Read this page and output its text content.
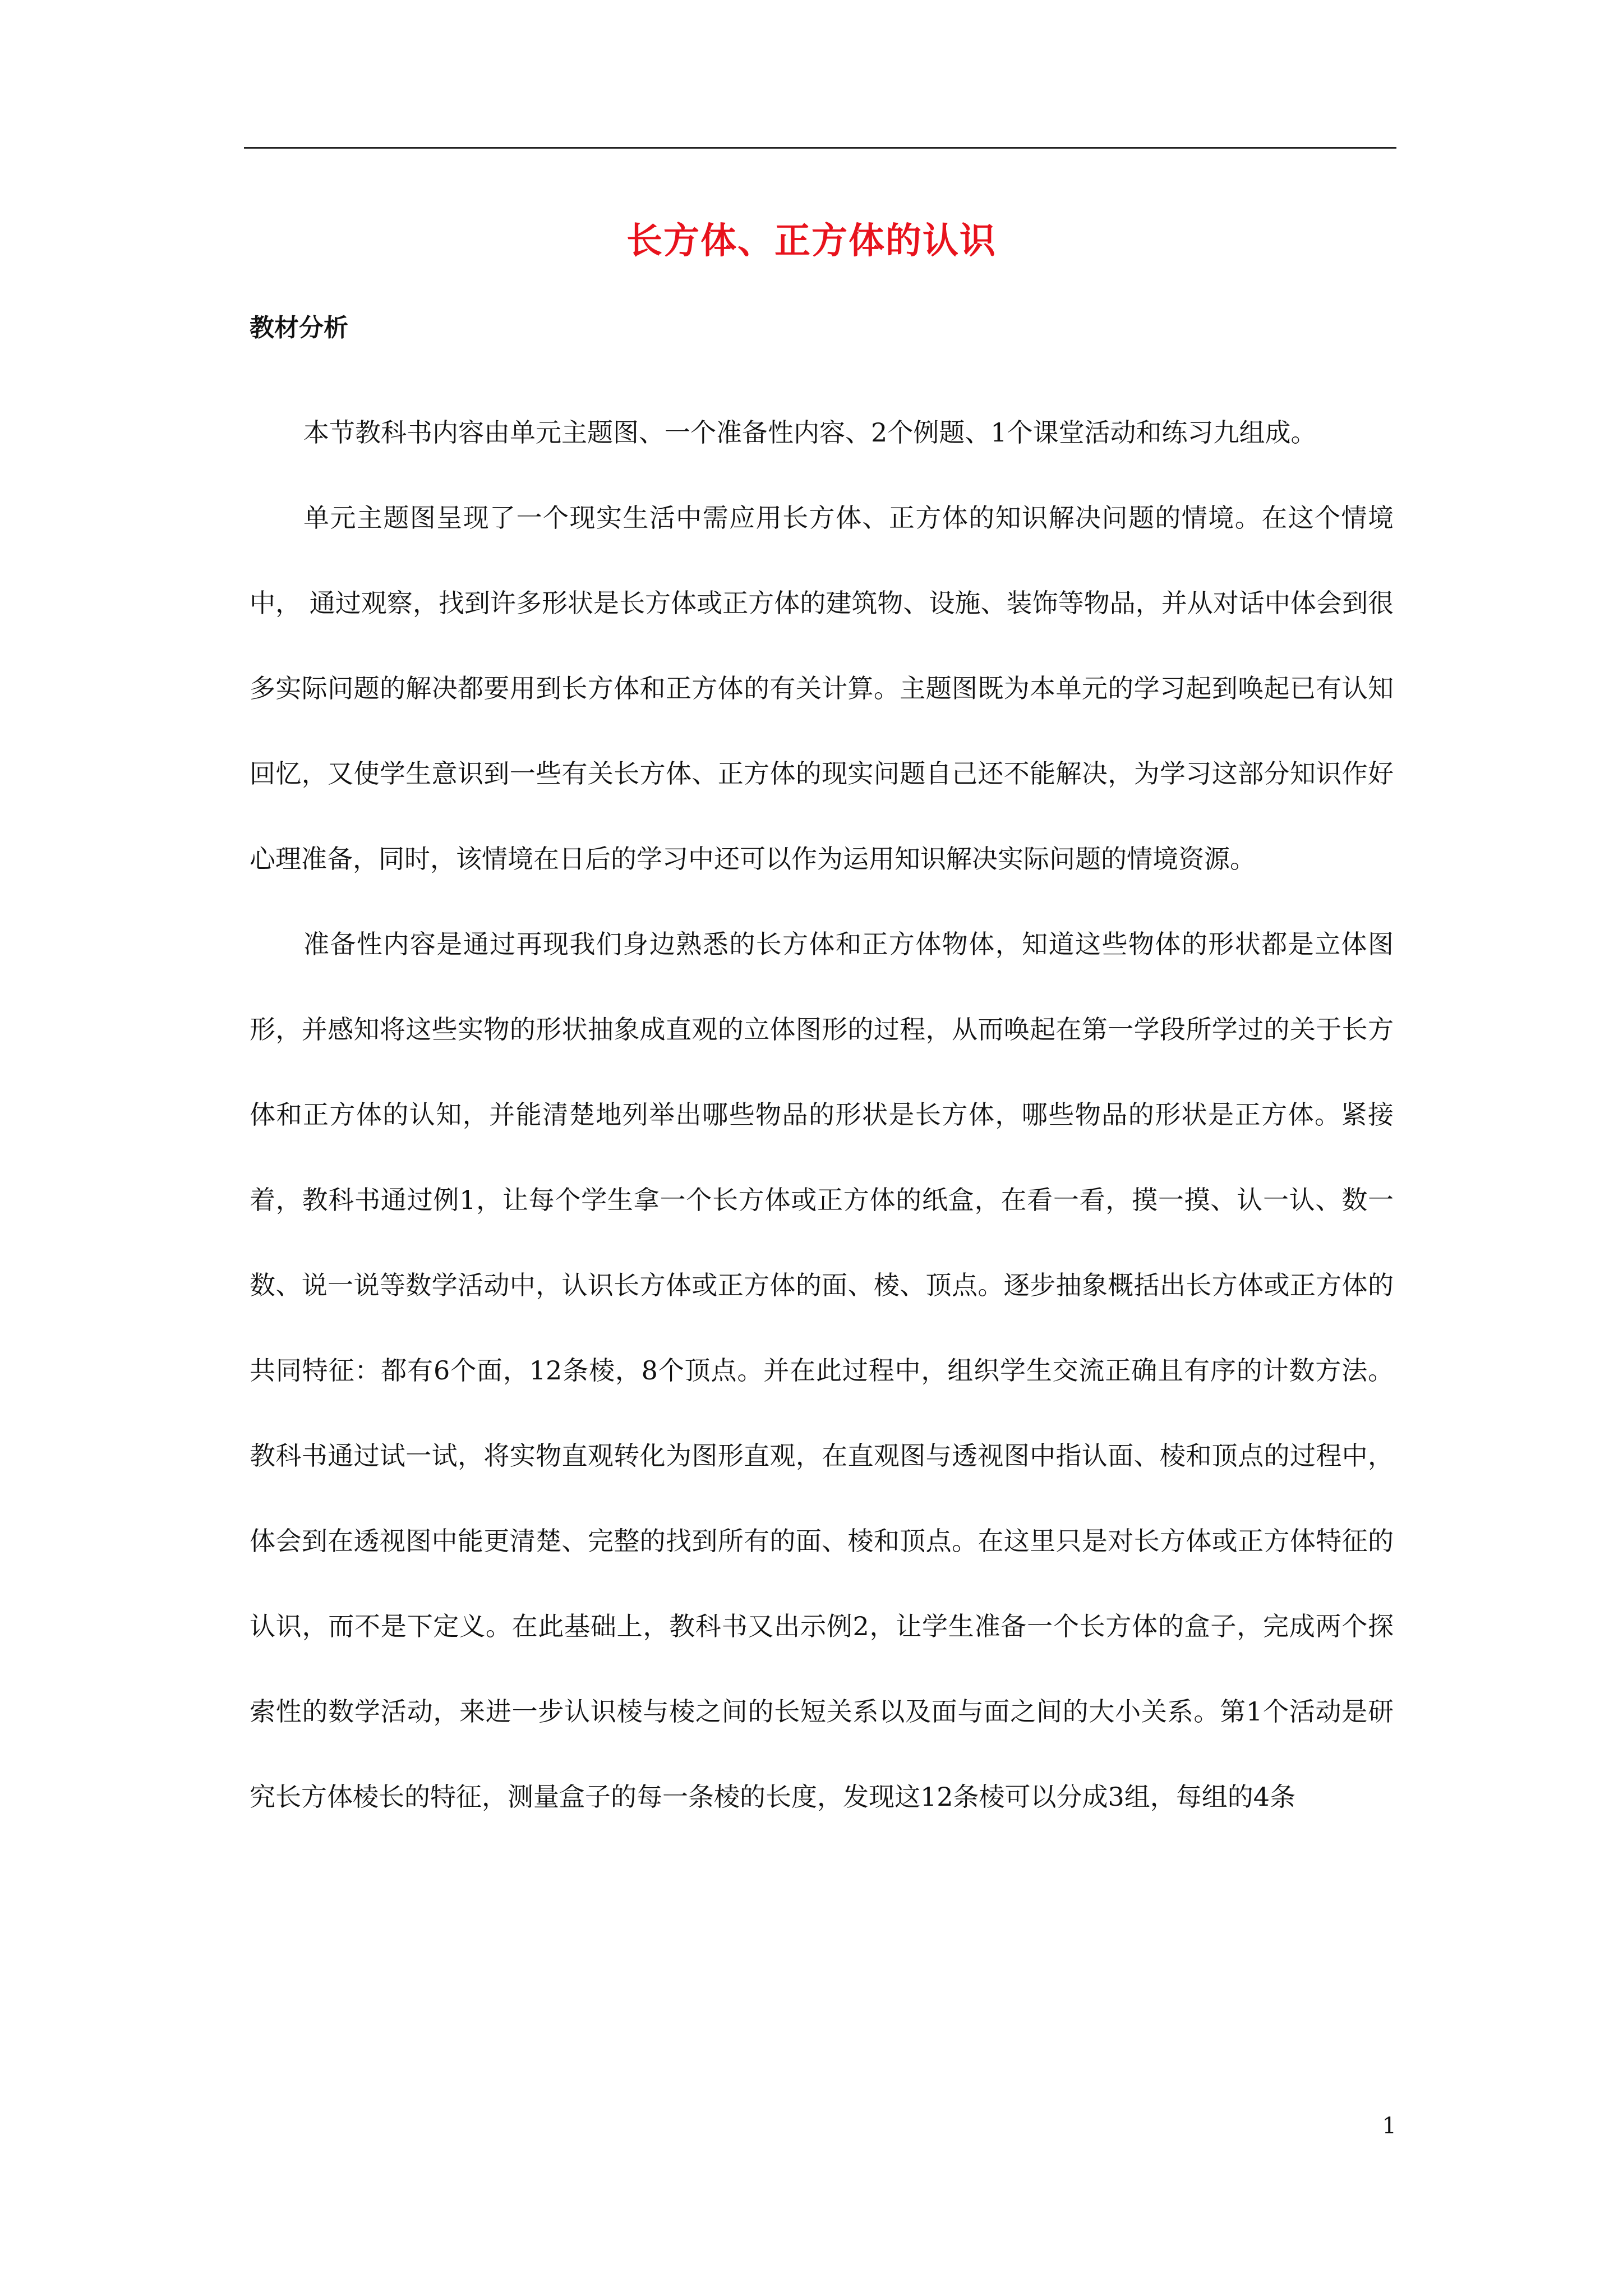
长方体、正方体的认识
教材分析

本节教科书内容由单元主题图、一个准备性内容、2个例题、1个课堂活动和练习九组成。

单元主题图呈现了一个现实生活中需应用长方体、正方体的知识解决问题的情境。在这个情境中， 通过观察，找到许多形状是长方体或正方体的建筑物、设施、装饰等物品，并从对话中体会到很多实际问题的解决都要用到长方体和正方体的有关计算。主题图既为本单元的学习起到唤起已有认知回忆，又使学生意识到一些有关长方体、正方体的现实问题自己还不能解决，为学习这部分知识作好心理准备，同时，该情境在日后的学习中还可以作为运用知识解决实际问题的情境资源。

准备性内容是通过再现我们身边熟悉的长方体和正方体物体，知道这些物体的形状都是立体图形，并感知将这些实物的形状抽象成直观的立体图形的过程，从而唤起在第一学段所学过的关于长方体和正方体的认知，并能清楚地列举出哪些物品的形状是长方体，哪些物品的形状是正方体。紧接着，教科书通过例1，让每个学生拿一个长方体或正方体的纸盒，在看一看，摸一摸、认一认、数一数、说一说等数学活动中，认识长方体或正方体的面、棱、顶点。逐步抽象概括出长方体或正方体的共同特征：都有6个面，12条棱，8个顶点。并在此过程中，组织学生交流正确且有序的计数方法。教科书通过试一试，将实物直观转化为图形直观，在直观图与透视图中指认面、棱和顶点的过程中，体会到在透视图中能更清楚、完整的找到所有的面、棱和顶点。在这里只是对长方体或正方体特征的认识，而不是下定义。在此基础上，教科书又出示例2，让学生准备一个长方体的盒子，完成两个探索性的数学活动，来进一步认识棱与棱之间的长短关系以及面与面之间的大小关系。第1个活动是研究长方体棱长的特征，测量盒子的每一条棱的长度，发现这12条棱可以分成3组，每组的4条

1
